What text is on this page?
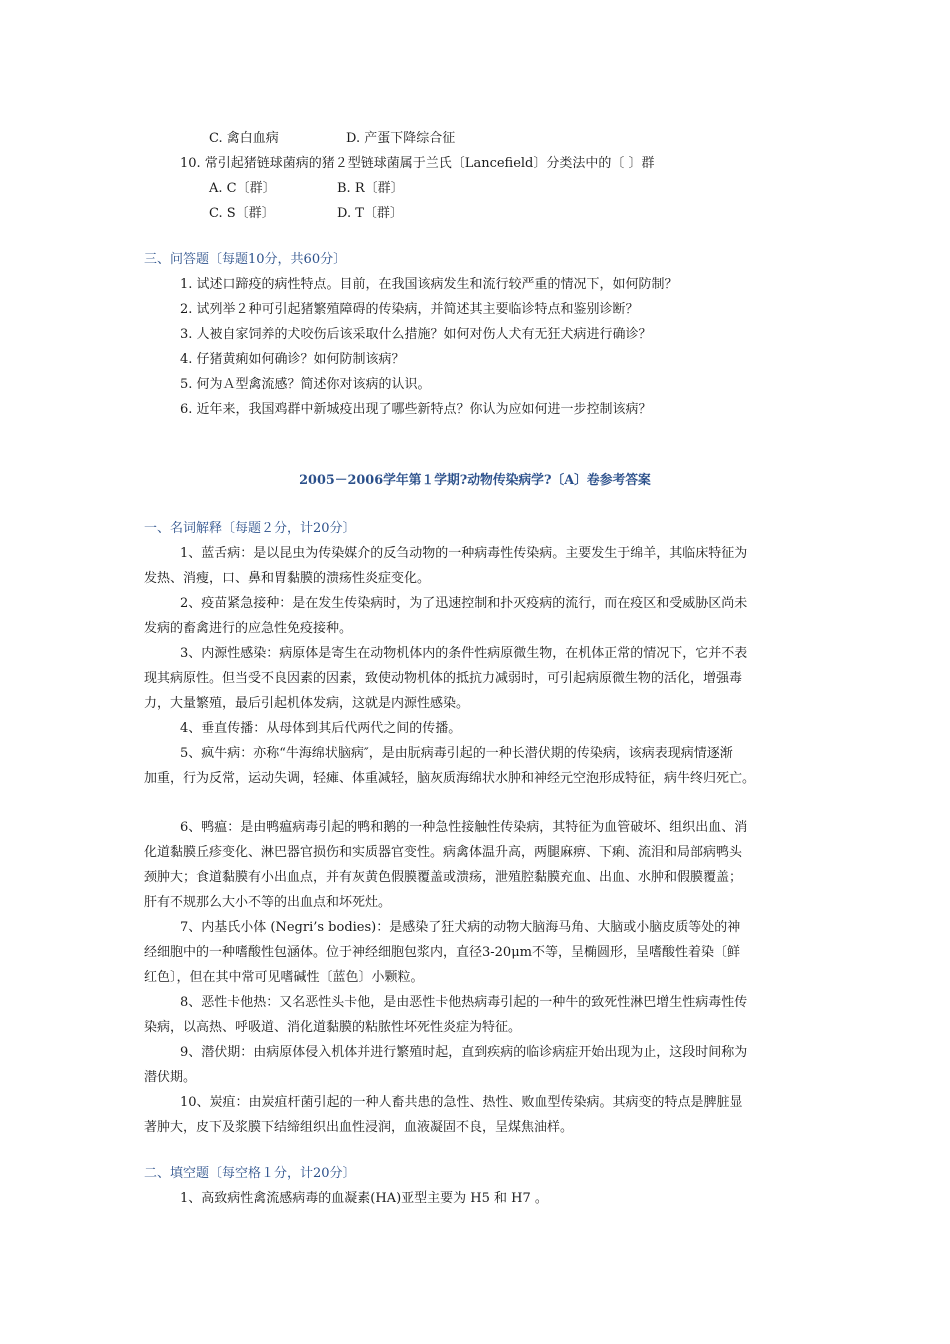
C. 禽白血病	D. 产蛋下降综合征
10. 常引起猪链球菌病的猪２型链球菌属于兰氏〔Lancefield〕分类法中的〔 〕群
A. C〔群〕	B. R〔群〕
C. S〔群〕	D. T〔群〕
三、问答题〔每题10分，共60分〕
1. 试述口蹄疫的病性特点。目前，在我国该病发生和流行较严重的情况下，如何防制？
2. 试列举２种可引起猪繁殖障碍的传染病，并简述其主要临诊特点和鉴别诊断？
3. 人被自家饲养的犬咬伤后该采取什么措施？如何对伤人犬有无狂犬病进行确诊？
4. 仔猪黄痢如何确诊？如何防制该病？
5. 何为Ａ型禽流感？简述你对该病的认识。
6. 近年来，我国鸡群中新城疫出现了哪些新特点？你认为应如何进一步控制该病？
2005－2006学年第１学期?动物传染病学?〔A〕卷参考答案
一、名词解释〔每题２分，计20分〕
1、蓝舌病：是以昆虫为传染媒介的反刍动物的一种病毒性传染病。主要发生于绵羊，其临床特征为
发热、消瘦，口、鼻和胃黏膜的溃疡性炎症变化。
2、疫苗紧急接种：是在发生传染病时，为了迅速控制和扑灭疫病的流行，而在疫区和受威胁区尚未
发病的畜禽进行的应急性免疫接种。
3、内源性感染：病原体是寄生在动物机体内的条件性病原微生物，在机体正常的情况下，它并不表
现其病原性。但当受不良因素的因素，致使动物机体的抵抗力减弱时，可引起病原微生物的活化，增强毒
力，大量繁殖，最后引起机体发病，这就是内源性感染。
4、垂直传播：从母体到其后代两代之间的传播。
5、疯牛病：亦称“牛海绵状脑病″，是由朊病毒引起的一种长潜伏期的传染病，该病表现病情逐渐
加重，行为反常，运动失调，轻瘫、体重减轻，脑灰质海绵状水肿和神经元空泡形成特征，病牛终归死亡。
6、鸭瘟：是由鸭瘟病毒引起的鸭和鹅的一种急性接触性传染病，其特征为血管破坏、组织出血、消
化道黏膜丘疹变化、淋巴器官损伤和实质器官变性。病禽体温升高，两腿麻痹、下痢、流泪和局部病鸭头
颈肿大；食道黏膜有小出血点，并有灰黄色假膜覆盖或溃疡，泄殖腔黏膜充血、出血、水肿和假膜覆盖；
肝有不规那么大小不等的出血点和坏死灶。
7、内基氏小体 (Negri’s bodies)：是感染了狂犬病的动物大脑海马角、大脑或小脑皮质等处的神
经细胞中的一种嗜酸性包涵体。位于神经细胞包浆内，直径3-20μm不等，呈椭圆形，呈嗜酸性着染〔鲜
红色〕，但在其中常可见嗜碱性〔蓝色〕小颗粒。
8、恶性卡他热：又名恶性头卡他，是由恶性卡他热病毒引起的一种牛的致死性淋巴增生性病毒性传
染病，以高热、呼吸道、消化道黏膜的粘脓性坏死性炎症为特征。
9、潜伏期：由病原体侵入机体并进行繁殖时起，直到疾病的临诊病症开始出现为止，这段时间称为
潜伏期。
10、炭疽：由炭疽杆菌引起的一种人畜共患的急性、热性、败血型传染病。其病变的特点是脾脏显
著肿大，皮下及浆膜下结缔组织出血性浸润，血液凝固不良，呈煤焦油样。
二、填空题〔每空格１分，计20分〕
1、高致病性禽流感病毒的血凝素(HA)亚型主要为 H5 和 H7 。
